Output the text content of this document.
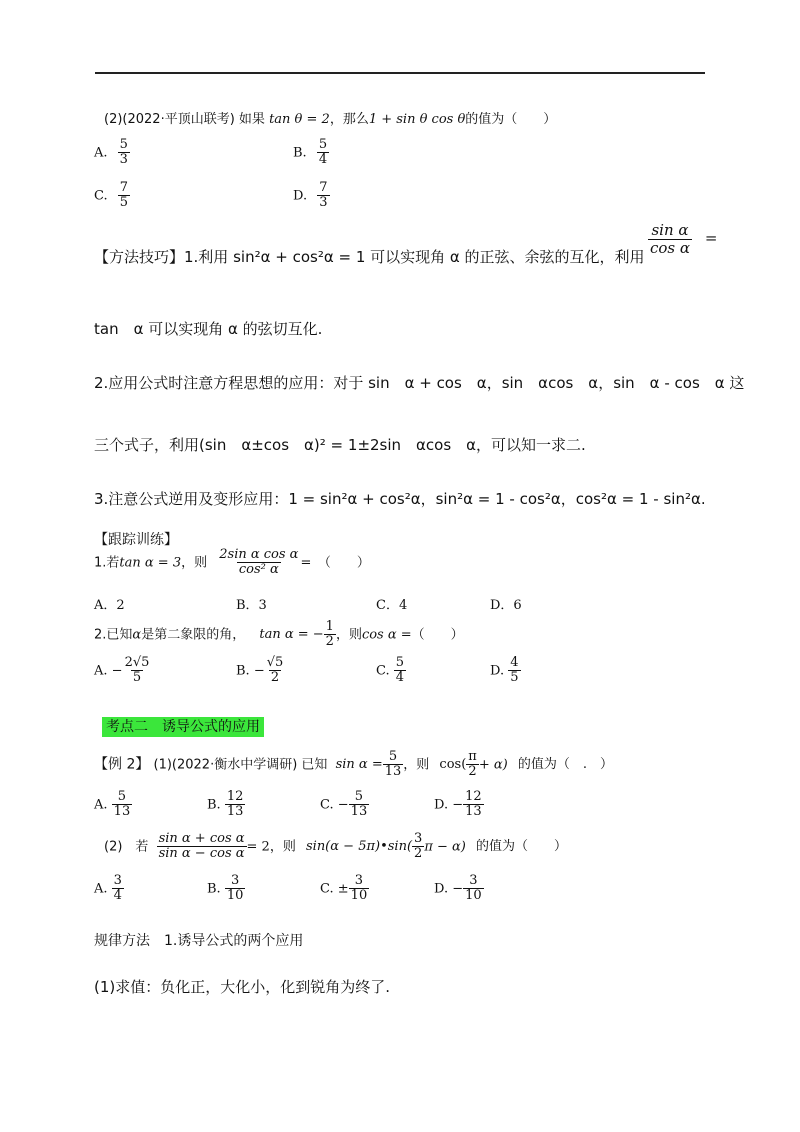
(2)(2022·平顶山联考) 如果 tan θ = 2，那么1 + sin θ cos θ的值为（　　）
A. $\frac{5}{3}$	B. $\frac{5}{4}$
C. $\frac{7}{5}$	D. $\frac{7}{3}$
【方法技巧】1.利用 sin²α + cos²α = 1 可以实现角 α 的正弦、余弦的互化，利用
$\frac{\text{sin α}}{\text{cos α}}$ =
tan　α 可以实现角 α 的弦切互化.
2.应用公式时注意方程思想的应用：对于 sin　α + cos　α，sin　αcos　α，sin　α - cos　α 这
三个式子，利用(sin　α±cos　α)² = 1±2sin　αcos　α，可以知一求二.
3.注意公式逆用及变形应用：1 = sin²α + cos²α，sin²α = 1 - cos²α，cos²α = 1 - sin²α.
【跟踪训练】
1.若tan α = 3，则 $\frac{\text{2sin α cos α}}{\text{cos² α}}$ =　（　　）
A．2	B．3	C．4	D．6
2.已知α是第二象限的角， tan α = − $\frac{1}{2}$ ，则cos α =（　　）
A. − $\frac{2√5}{5}$	B. − $\frac{√5}{2}$	C. $\frac{5}{4}$	D. $\frac{4}{5}$
考点二　诱导公式的应用
【例 2】 (1)(2022·衡水中学调研) 已知 $\sin \alpha = \frac{5}{13}$ ，则 $\cos( \frac{\pi}{2} + \alpha)$ 的值为（　.　）
A. $\frac{5}{13}$	B. $\frac{12}{13}$	C. − $\frac{5}{13}$	D. − $\frac{12}{13}$
(2)　若 $\frac{\text{sin α + cos α}}{\text{sin α − cos α}} = 2$，则 sin(α − 5π)•sin( $\frac{3}{2}$ π − α) 的值为（　　）
A. $\frac{3}{4}$	B. $\frac{3}{10}$	C. ± $\frac{3}{10}$	D. − $\frac{3}{10}$
规律方法　1.诱导公式的两个应用
(1)求值：负化正，大化小，化到锐角为终了.
